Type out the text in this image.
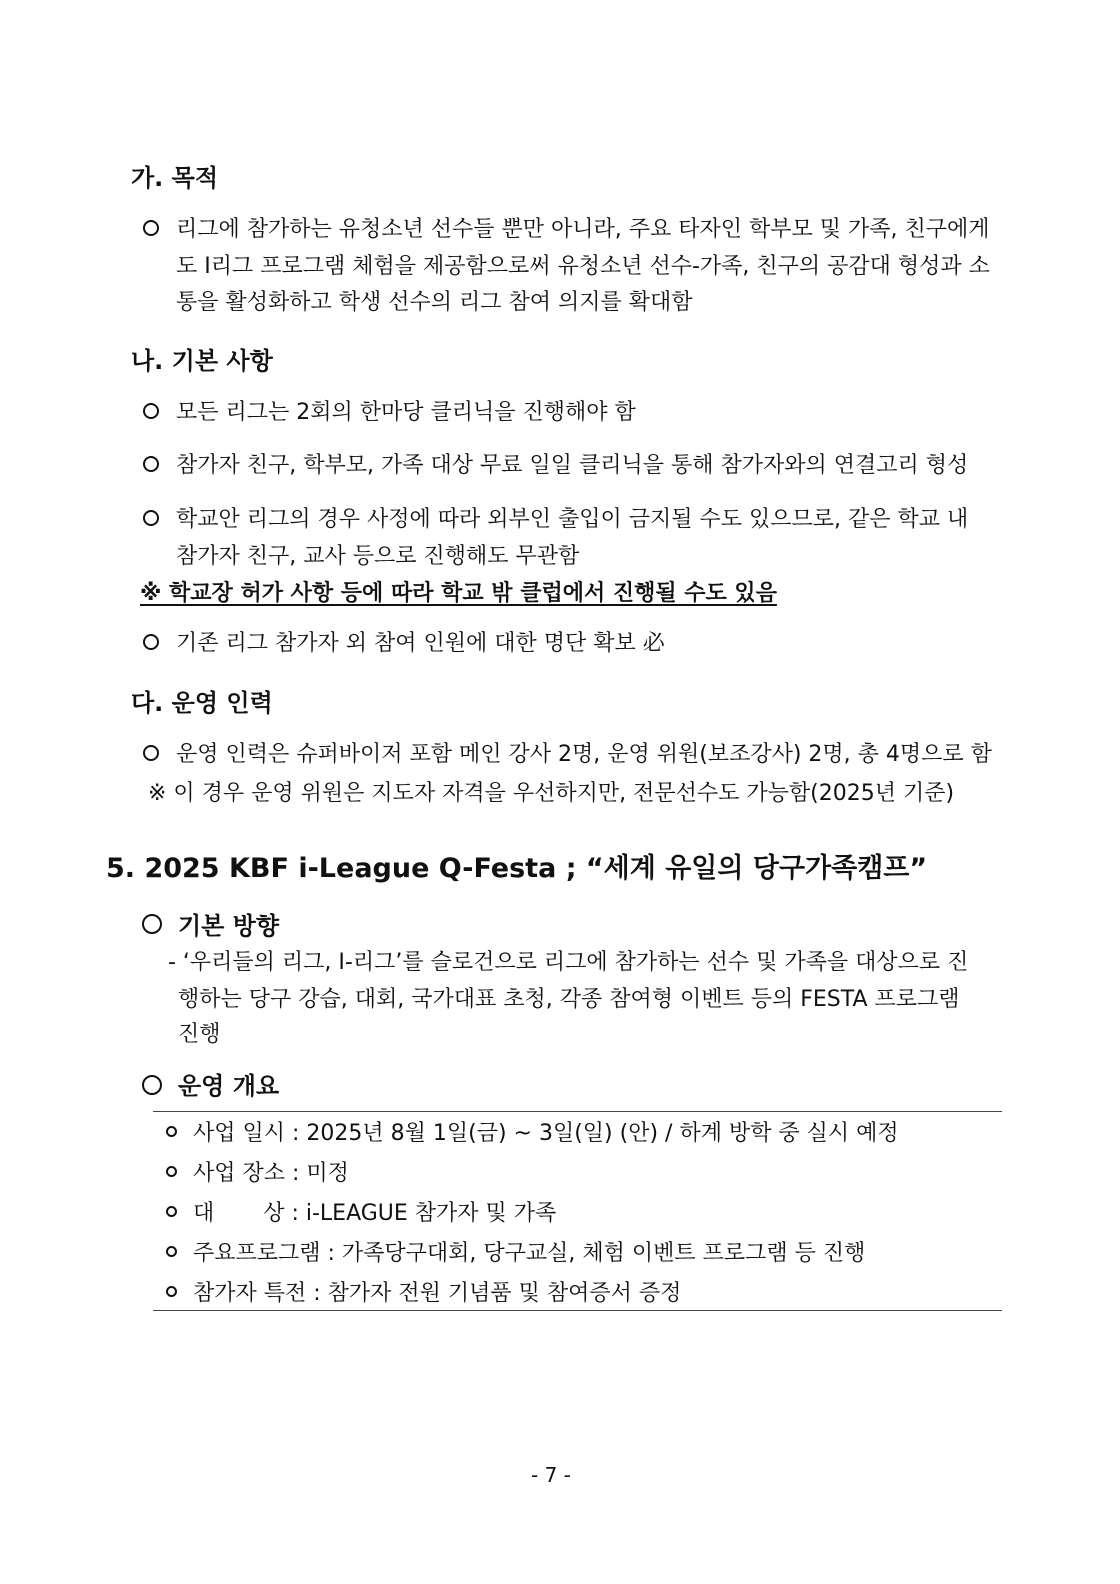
가. 목적
리그에 참가하는 유청소년 선수들 뿐만 아니라, 주요 타자인 학부모 및 가족, 친구에게
도 I리그 프로그램 체험을 제공함으로써 유청소년 선수-가족, 친구의 공감대 형성과 소
통을 활성화하고 학생 선수의 리그 참여 의지를 확대함
나. 기본 사항
모든 리그는 2회의 한마당 클리닉을 진행해야 함
참가자 친구, 학부모, 가족 대상 무료 일일 클리닉을 통해 참가자와의 연결고리 형성
학교안 리그의 경우 사정에 따라 외부인 출입이 금지될 수도 있으므로, 같은 학교 내
참가자 친구, 교사 등으로 진행해도 무관함
※ 학교장 허가 사항 등에 따라 학교 밖 클럽에서 진행될 수도 있음
기존 리그 참가자 외 참여 인원에 대한 명단 확보 必
다. 운영 인력
운영 인력은 슈퍼바이저 포함 메인 강사 2명, 운영 위원(보조강사) 2명, 총 4명으로 함
※ 이 경우 운영 위원은 지도자 자격을 우선하지만, 전문선수도 가능함(2025년 기준)
5. 2025 KBF i-League Q-Festa ; “세계 유일의 당구가족캠프”
기본 방향
- ‘우리들의 리그, I-리그’를 슬로건으로 리그에 참가하는 선수 및 가족을 대상으로 진
행하는 당구 강습, 대회, 국가대표 초청, 각종 참여형 이벤트 등의 FESTA 프로그램
진행
운영 개요
사업 일시 : 2025년 8월 1일(금) ~ 3일(일) (안) / 하계 방학 중 실시 예정
사업 장소 : 미정
대       상 : i-LEAGUE 참가자 및 가족
주요프로그램 : 가족당구대회, 당구교실, 체험 이벤트 프로그램 등 진행
참가자 특전 : 참가자 전원 기념품 및 참여증서 증정
- 7 -
